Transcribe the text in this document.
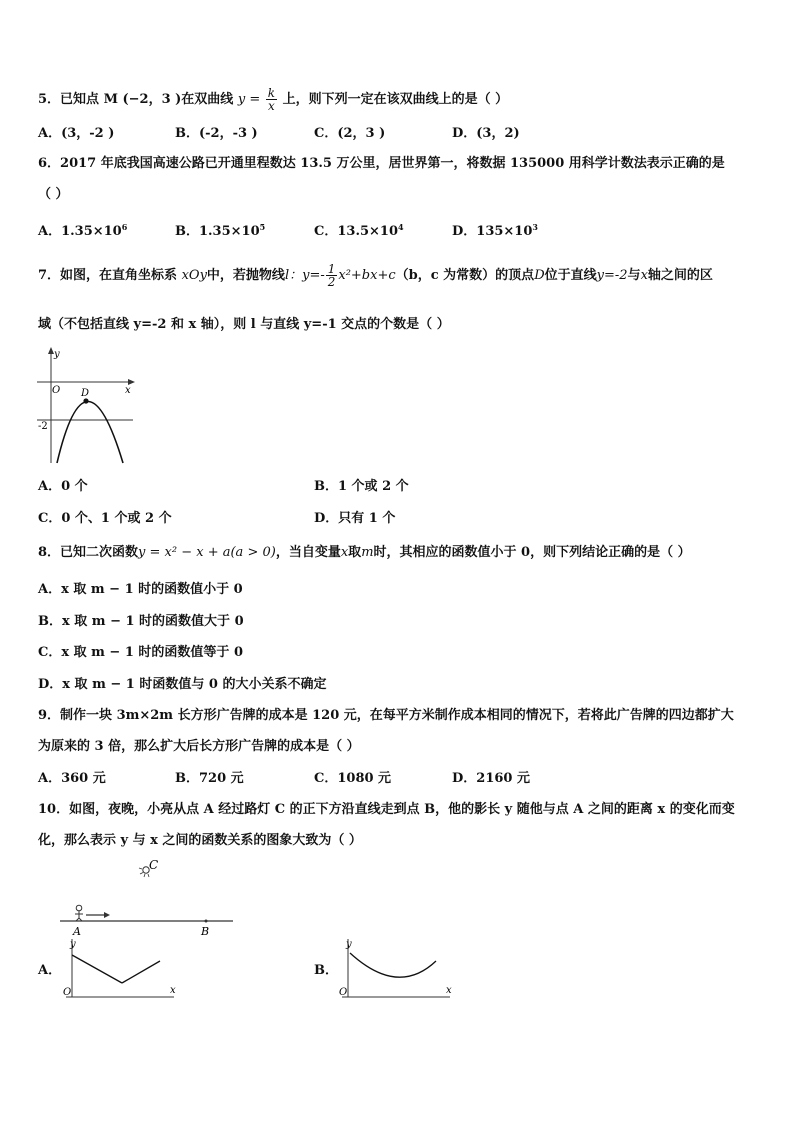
5．已知点 M (−2，3 )在双曲线 $y = \frac{k}{x}$ 上，则下列一定在该双曲线上的是（ ）
A．(3，-2 )	B．(-2，-3 )	C．(2，3 )	D．(3，2)
6．2017 年底我国高速公路已开通里程数达 13.5 万公里，居世界第一，将数据 135000 用科学计数法表示正确的是
（ ）
A．$1.35\times 10^6$	B．$1.35\times 10^5$	C．$13.5\times 10^4$	D．$135\times 10^3$
7．如图，在直角坐标系 xOy中，若抛物线l：$y=- \frac{1}{2} x^2+bx+c(b$，c 为常数）的顶点D位于直线y=-2与x轴之间的区
域（不包括直线 y=-2 和 x 轴），则 l 与直线 y=-1 交点的个数是（ ）
y
x
O D
-2
A．0 个	B．1 个或 2 个
C．0 个、1 个或 2 个	D．只有 1 个
8．已知二次函数y = x² − x + a(a > 0)，当自变量x取m时，其相应的函数值小于 0，则下列结论正确的是（ ）
A．x 取 m − 1 时的函数值小于 0
B．x 取 m − 1 时的函数值大于 0
C．x 取 m − 1 时的函数值等于 0
D．x 取 m − 1 时函数值与 0 的大小关系不确定
9．制作一块 3m×2m 长方形广告牌的成本是 120 元，在每平方米制作成本相同的情况下，若将此广告牌的四边都扩大
为原来的 3 倍，那么扩大后长方形广告牌的成本是（ ）
A．360 元	B．720 元	C．1080 元	D．2160 元
10．如图，夜晚，小亮从点 A 经过路灯 C 的正下方沿直线走到点 B，他的影长 y 随他与点 A 之间的距离 x 的变化而变
化，那么表示 y 与 x 之间的函数关系的图象大致为（ ）
C
A	B
A．
y
x
O
B．
y
x
O
